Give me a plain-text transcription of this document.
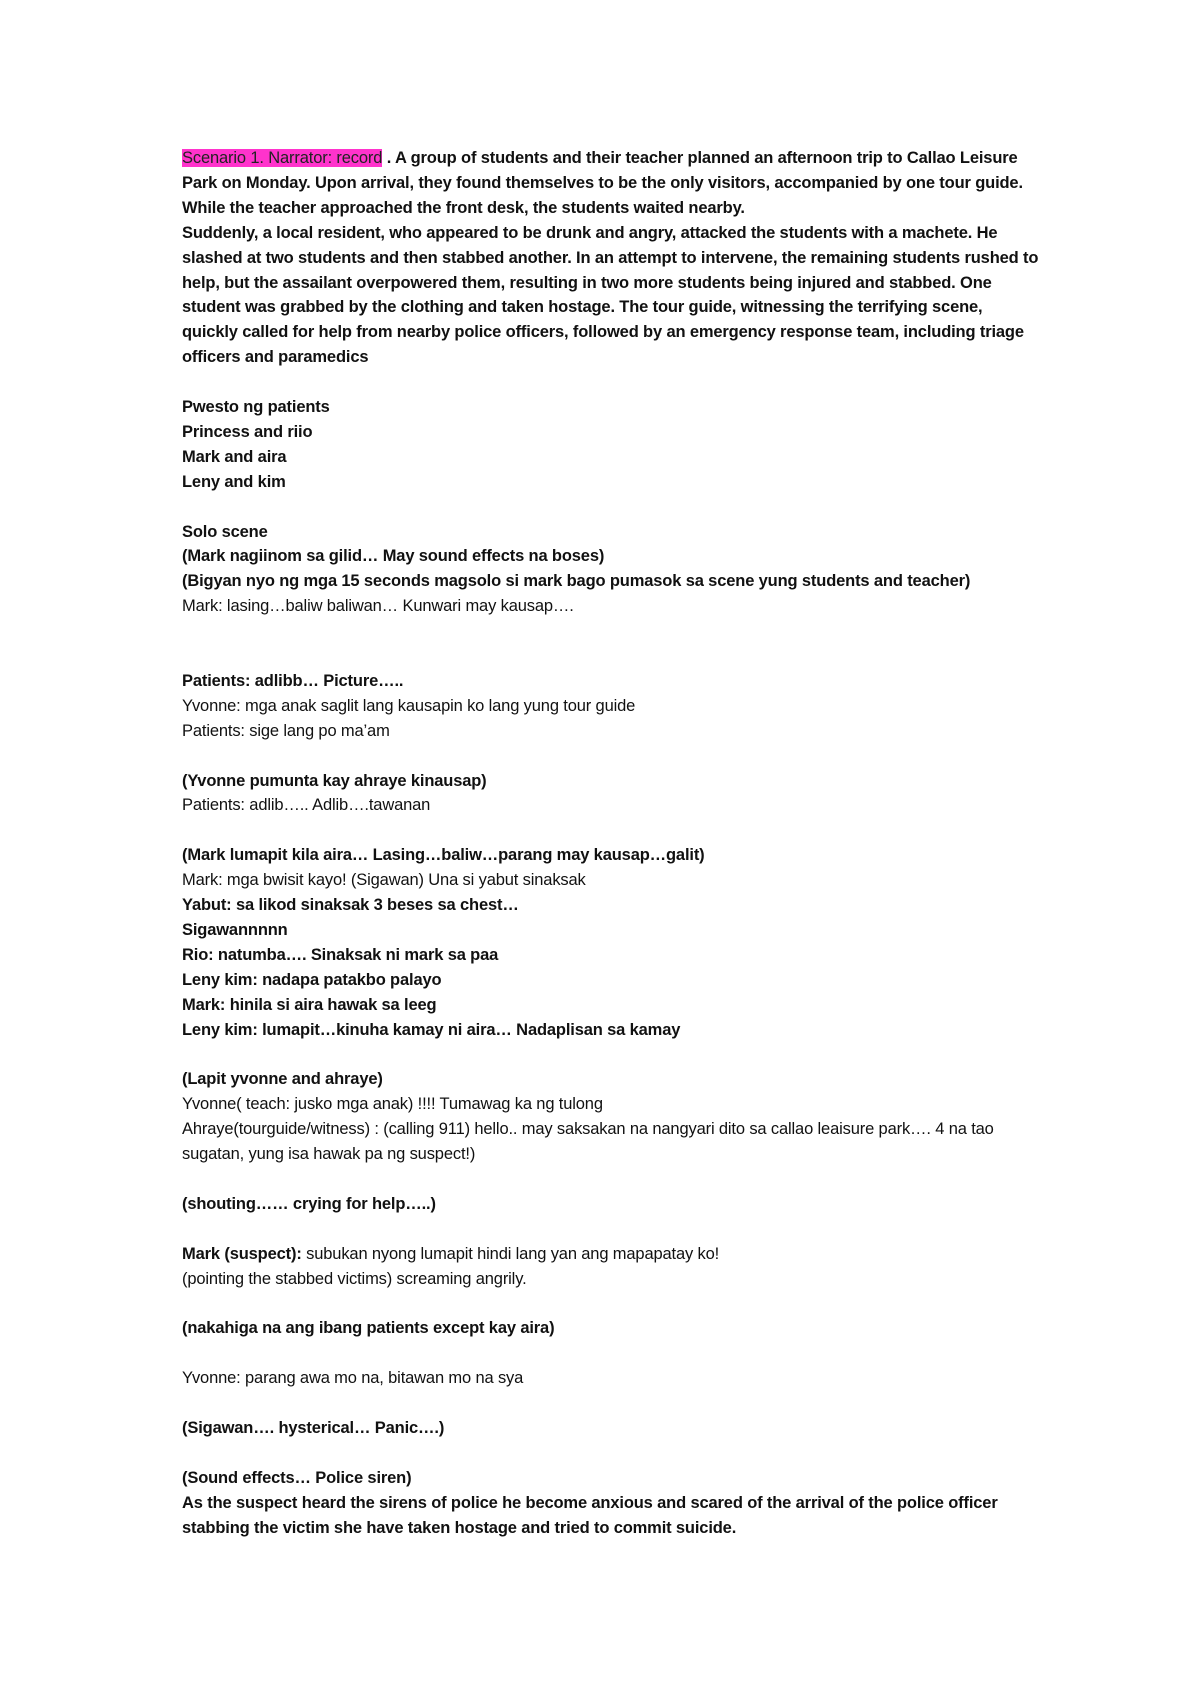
Scenario 1. Narrator: record . A group of students and their teacher planned an afternoon trip to Callao Leisure Park on Monday. Upon arrival, they found themselves to be the only visitors, accompanied by one tour guide. While the teacher approached the front desk, the students waited nearby.

Suddenly, a local resident, who appeared to be drunk and angry, attacked the students with a machete. He slashed at two students and then stabbed another. In an attempt to intervene, the remaining students rushed to help, but the assailant overpowered them, resulting in two more students being injured and stabbed. One student was grabbed by the clothing and taken hostage. The tour guide, witnessing the terrifying scene, quickly called for help from nearby police officers, followed by an emergency response team, including triage officers and paramedics

Pwesto ng patients

Princess and riio

Mark and aira

Leny and kim

Solo scene

(Mark nagiinom sa gilid… May sound effects na boses)

(Bigyan nyo ng mga 15 seconds magsolo si mark bago pumasok sa scene yung students and teacher)

Mark: lasing…baliw baliwan… Kunwari may kausap….

Patients: adlibb… Picture…..

Yvonne: mga anak saglit lang kausapin ko lang yung tour guide

Patients: sige lang po ma’am

(Yvonne pumunta kay ahraye kinausap)

Patients: adlib….. Adlib….tawanan

(Mark lumapit kila aira… Lasing…baliw…parang may kausap…galit)

Mark: mga bwisit kayo! (Sigawan) Una si yabut sinaksak

Yabut: sa likod sinaksak 3 beses sa chest…

Sigawannnnn

Rio: natumba…. Sinaksak ni mark sa paa

Leny kim: nadapa patakbo palayo

Mark: hinila si aira hawak sa leeg

Leny kim: lumapit…kinuha kamay ni aira… Nadaplisan sa kamay

(Lapit yvonne and ahraye)

Yvonne( teach: jusko mga anak) !!!! Tumawag ka ng tulong

Ahraye(tourguide/witness) : (calling 911) hello.. may saksakan na nangyari dito sa callao leaisure park…. 4 na tao sugatan, yung isa hawak pa ng suspect!)

(shouting…… crying for help…..)

Mark (suspect): subukan nyong lumapit hindi lang yan ang mapapatay ko!

(pointing the stabbed victims) screaming angrily.

(nakahiga na ang ibang patients except kay aira)

Yvonne: parang awa mo na, bitawan mo na sya

(Sigawan…. hysterical… Panic….)

(Sound effects… Police siren)

As the suspect heard the sirens of police he become anxious and scared of the arrival of the police officer stabbing the victim she have taken hostage and tried to commit suicide.
